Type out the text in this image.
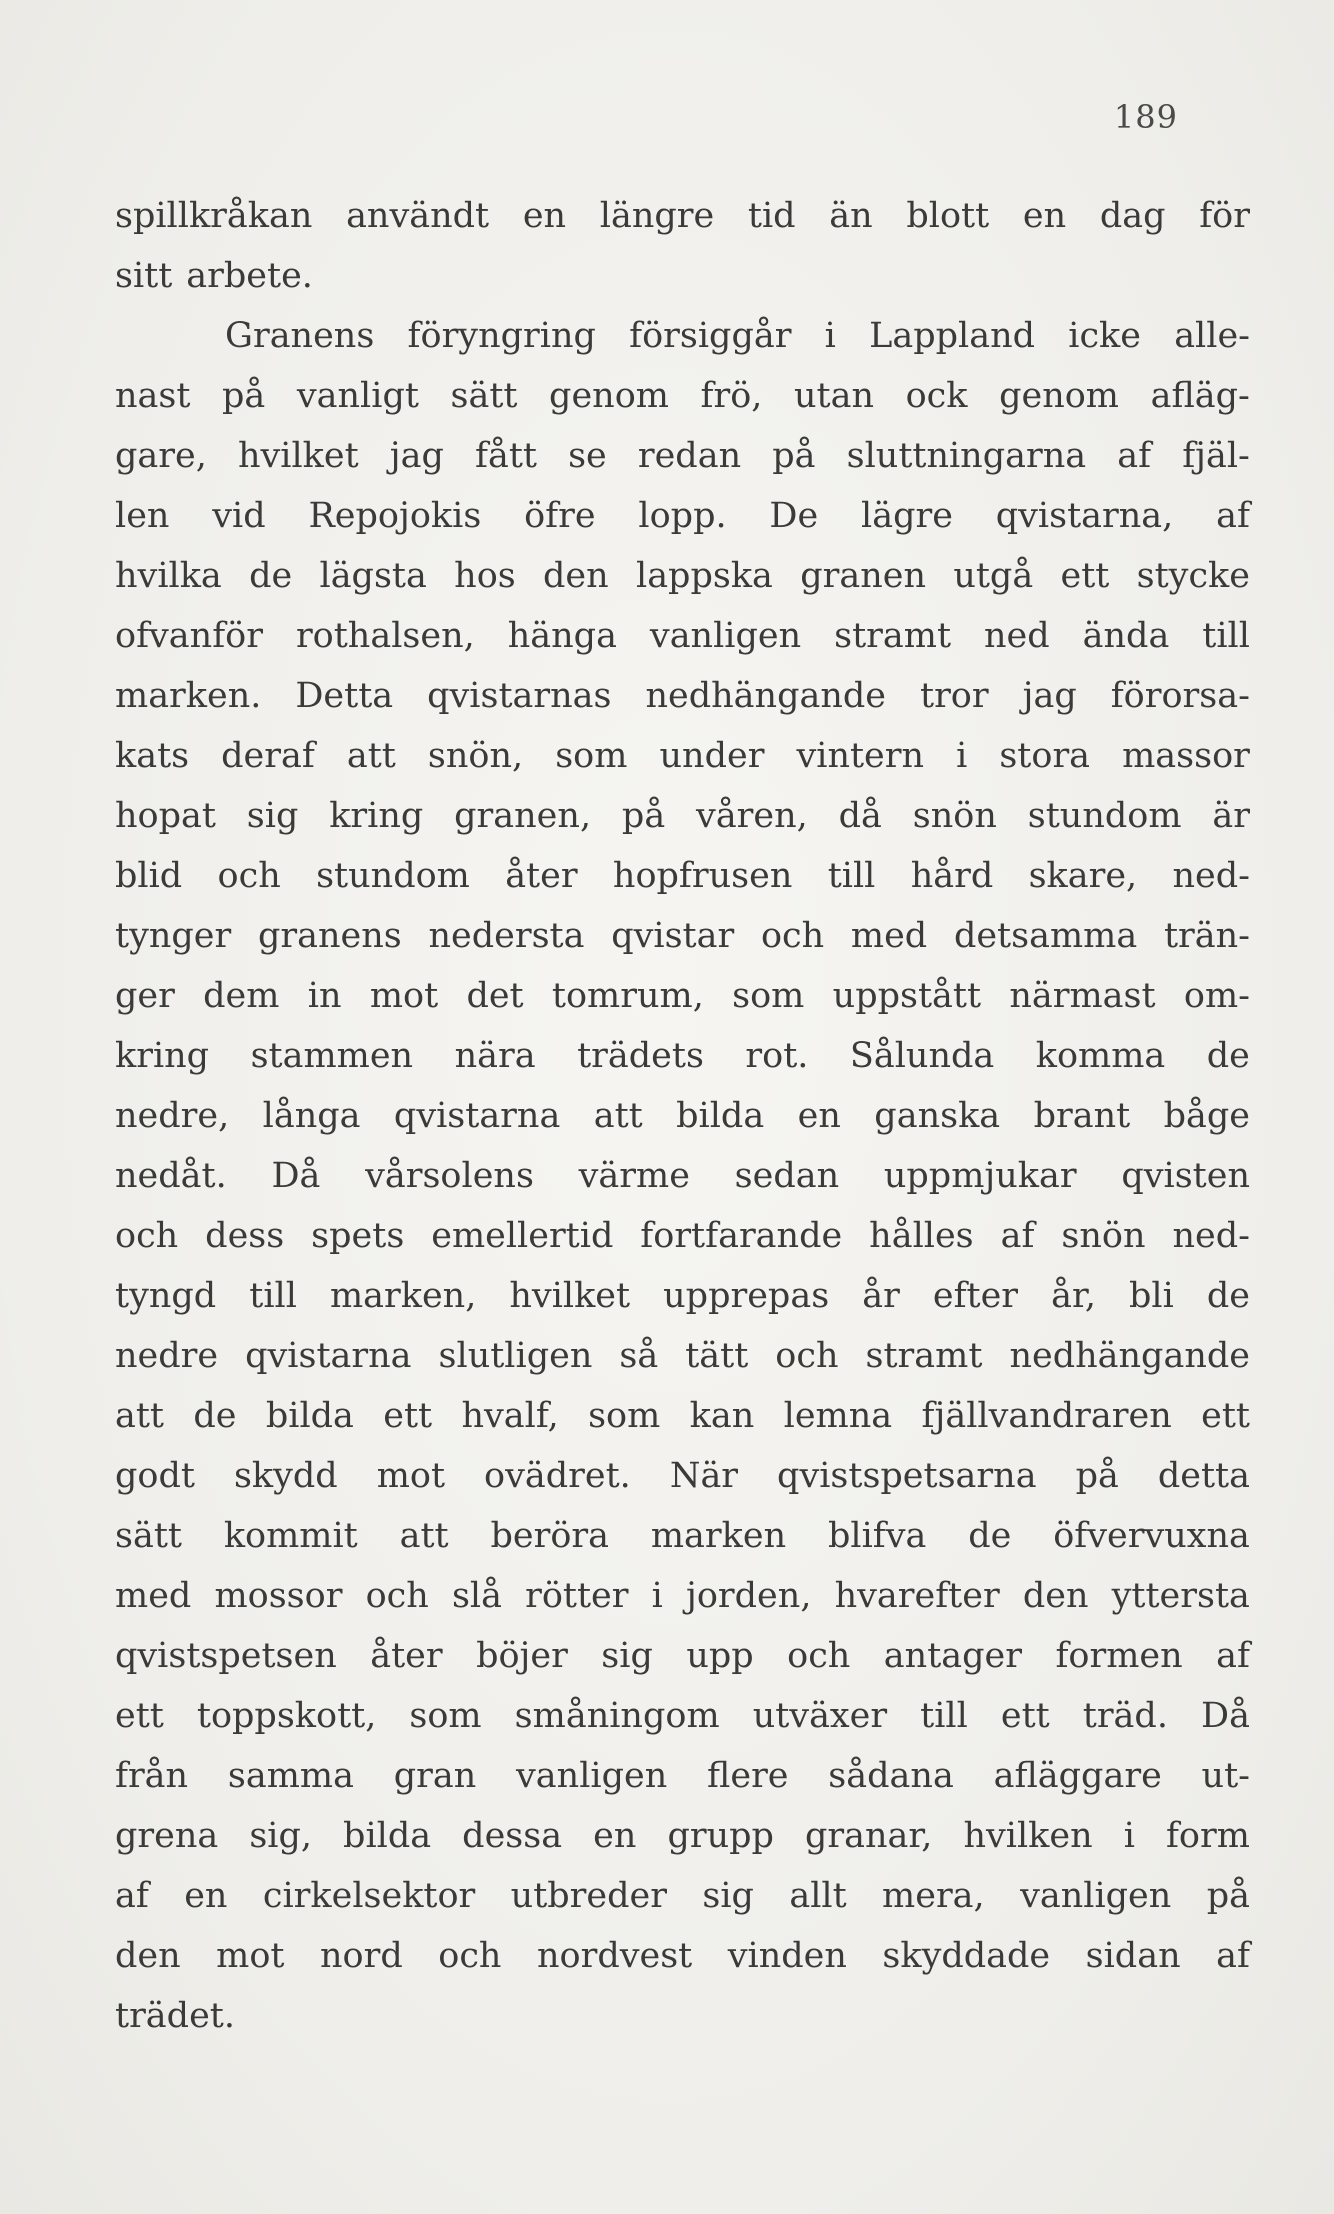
189
spillkråkan användt en längre tid än blott en dag för
sitt arbete.
Granens föryngring försiggår i Lappland icke alle-
nast på vanligt sätt genom frö, utan ock genom afläg-
gare, hvilket jag fått se redan på sluttningarna af fjäl-
len vid Repojokis öfre lopp. De lägre qvistarna, af
hvilka de lägsta hos den lappska granen utgå ett stycke
ofvanför rothalsen, hänga vanligen stramt ned ända till
marken. Detta qvistarnas nedhängande tror jag förorsa-
kats deraf att snön, som under vintern i stora massor
hopat sig kring granen, på våren, då snön stundom är
blid och stundom åter hopfrusen till hård skare, ned-
tynger granens nedersta qvistar och med detsamma trän-
ger dem in mot det tomrum, som uppstått närmast om-
kring stammen nära trädets rot. Sålunda komma de
nedre, långa qvistarna att bilda en ganska brant båge
nedåt. Då vårsolens värme sedan uppmjukar qvisten
och dess spets emellertid fortfarande hålles af snön ned-
tyngd till marken, hvilket upprepas år efter år, bli de
nedre qvistarna slutligen så tätt och stramt nedhängande
att de bilda ett hvalf, som kan lemna fjällvandraren ett
godt skydd mot ovädret. När qvistspetsarna på detta
sätt kommit att beröra marken blifva de öfvervuxna
med mossor och slå rötter i jorden, hvarefter den yttersta
qvistspetsen åter böjer sig upp och antager formen af
ett toppskott, som småningom utväxer till ett träd. Då
från samma gran vanligen flere sådana afläggare ut-
grena sig, bilda dessa en grupp granar, hvilken i form
af en cirkelsektor utbreder sig allt mera, vanligen på
den mot nord och nordvest vinden skyddade sidan af
trädet.
